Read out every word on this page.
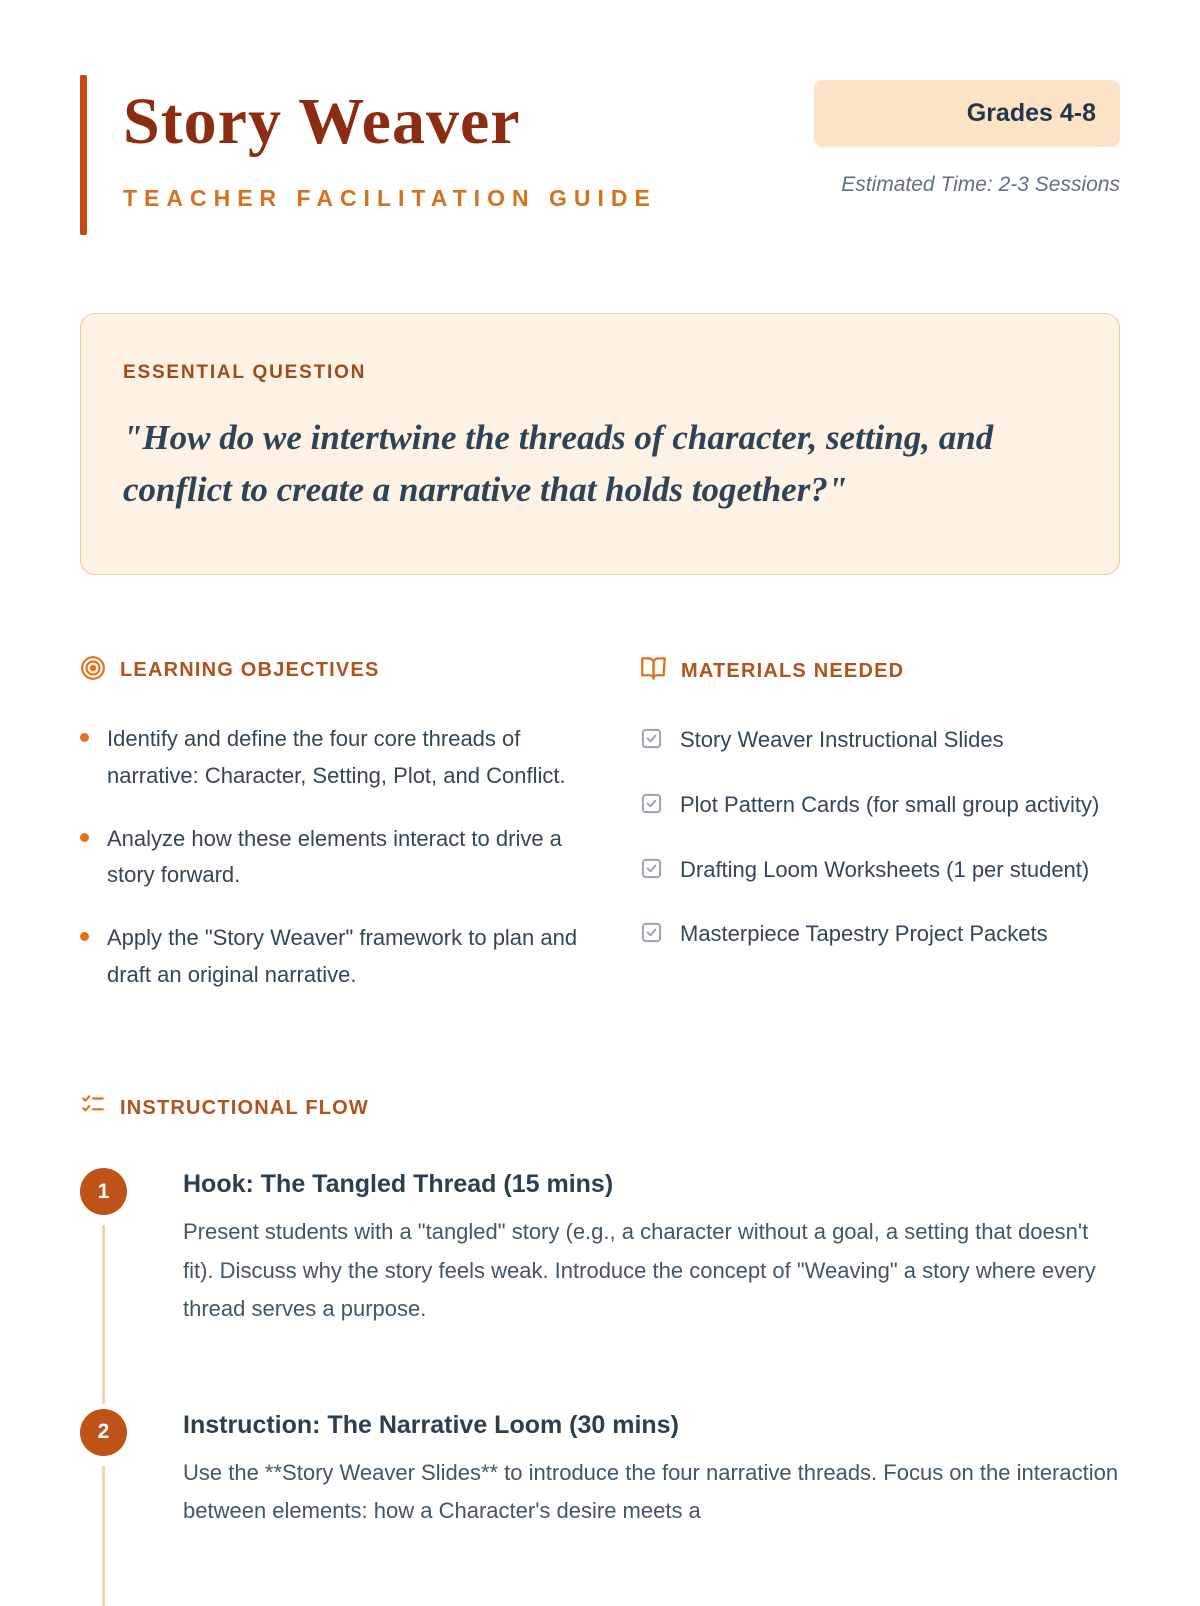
Story Weaver
TEACHER FACILITATION GUIDE
Grades 4-8
Estimated Time: 2-3 Sessions
ESSENTIAL QUESTION
"How do we intertwine the threads of character, setting, and conflict to create a narrative that holds together?"
LEARNING OBJECTIVES
Identify and define the four core threads of narrative: Character, Setting, Plot, and Conflict.
Analyze how these elements interact to drive a story forward.
Apply the "Story Weaver" framework to plan and draft an original narrative.
MATERIALS NEEDED
Story Weaver Instructional Slides
Plot Pattern Cards (for small group activity)
Drafting Loom Worksheets (1 per student)
Masterpiece Tapestry Project Packets
INSTRUCTIONAL FLOW
1	Hook: The Tangled Thread (15 mins)
Present students with a "tangled" story (e.g., a character without a goal, a setting that doesn't fit). Discuss why the story feels weak. Introduce the concept of "Weaving" a story where every thread serves a purpose.
2	Instruction: The Narrative Loom (30 mins)
Use the **Story Weaver Slides** to introduce the four narrative threads. Focus on the interaction between elements: how a Character's desire meets a
